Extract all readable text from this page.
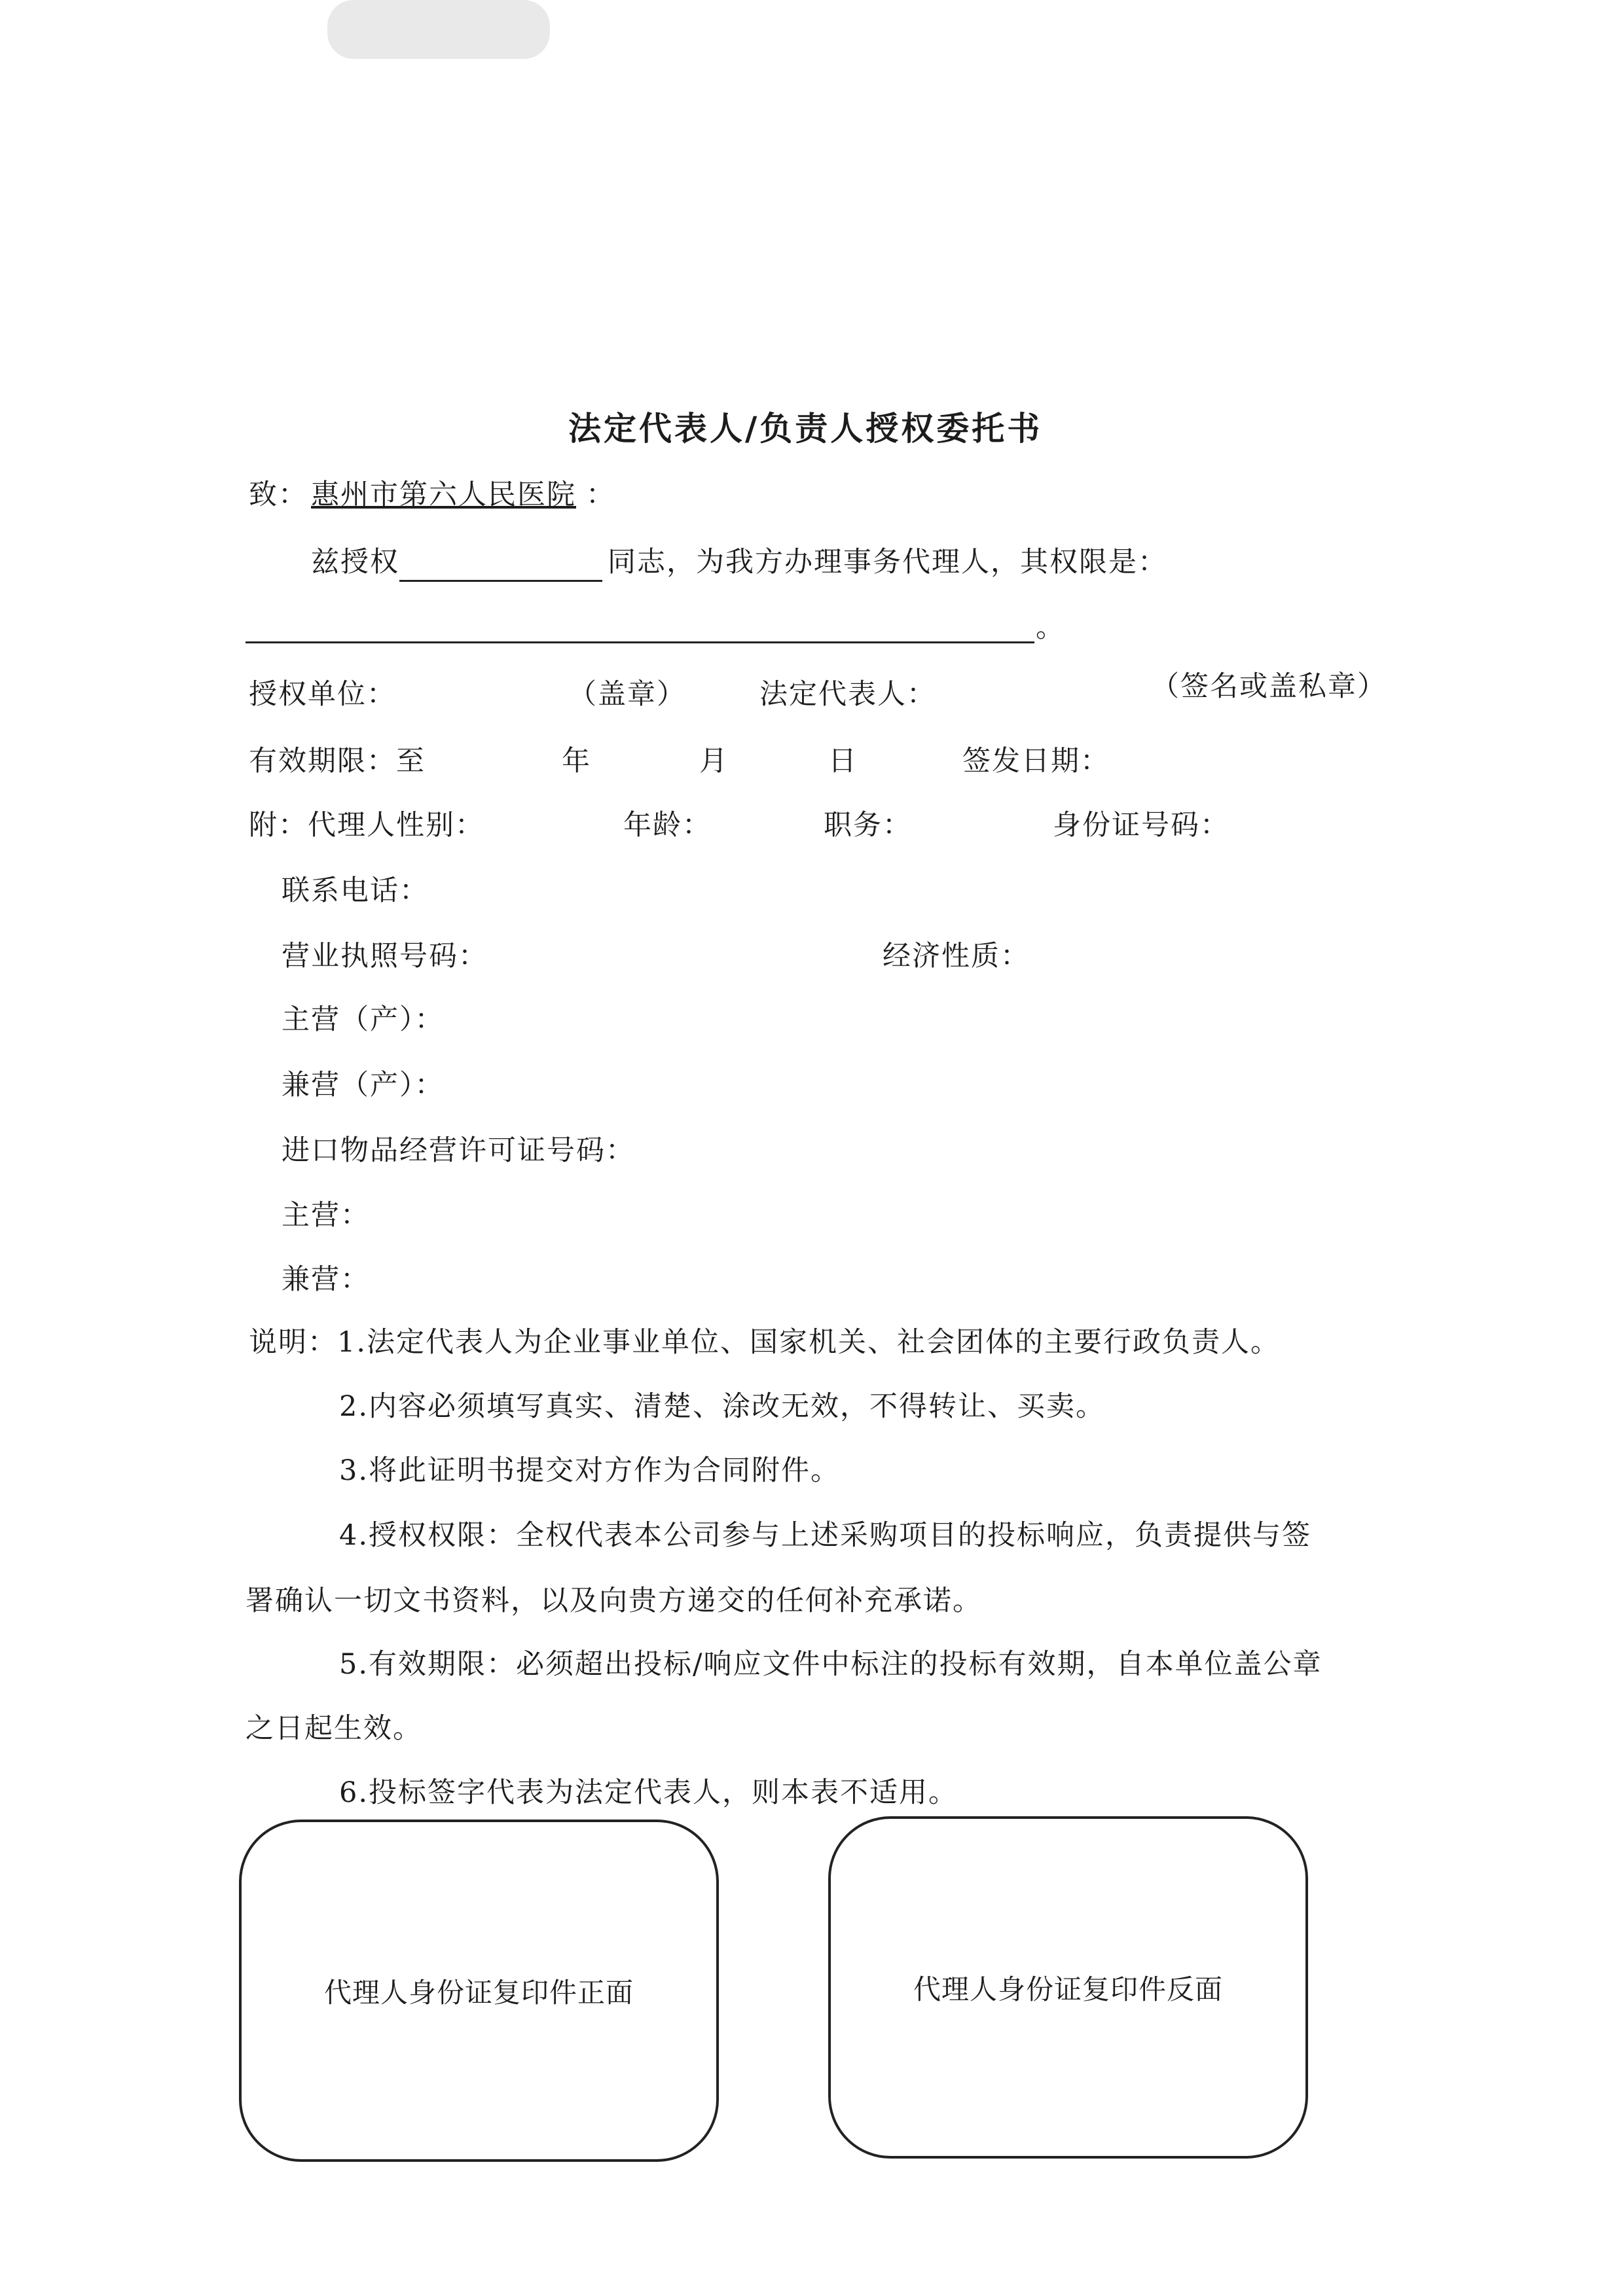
法定代表人/负责人授权委托书
致： 惠州市第六人民医院 ：
兹授权	同志，为我方办理事务代理人，其权限是：
。
授权单位：	（盖章）	法定代表人：	（签名或盖私章）
有效期限：至	年	月	日	签发日期：
附：代理人性别：	年龄：	职务：	身份证号码：
联系电话：
营业执照号码：	经济性质：
主营（产）：
兼营（产）：
进口物品经营许可证号码：
主营：
兼营：
说明：1.法定代表人为企业事业单位、国家机关、社会团体的主要行政负责人。
2.内容必须填写真实、清楚、涂改无效，不得转让、买卖。
3.将此证明书提交对方作为合同附件。
4.授权权限：全权代表本公司参与上述采购项目的投标响应，负责提供与签
署确认一切文书资料，以及向贵方递交的任何补充承诺。
5.有效期限：必须超出投标/响应文件中标注的投标有效期，自本单位盖公章
之日起生效。
6.投标签字代表为法定代表人，则本表不适用。
代理人身份证复印件正面	代理人身份证复印件反面
